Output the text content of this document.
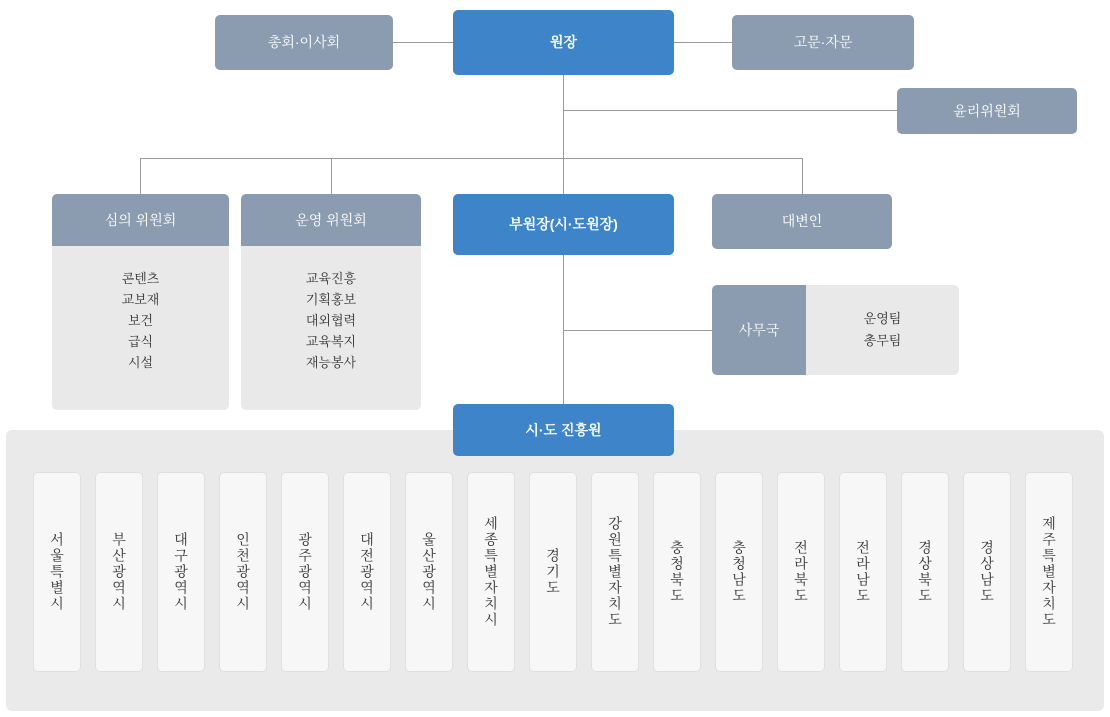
총회·이사회	원장	고문·자문
윤리위원회
심의 위원회
콘텐츠
교보재
보건
급식
시설
운영 위원회
교육진흥
기획홍보
대외협력
교육복지
재능봉사
부원장(시·도원장)	대변인
사무국
운영팀
총무팀
시·도 진흥원
서울특별시	부산광역시	대구광역시	인천광역시	광주광역시	대전광역시	울산광역시	세종특별자치시	경기도	강원특별자치도	충청북도	충청남도	전라북도	전라남도	경상북도	경상남도	제주특별자치도
